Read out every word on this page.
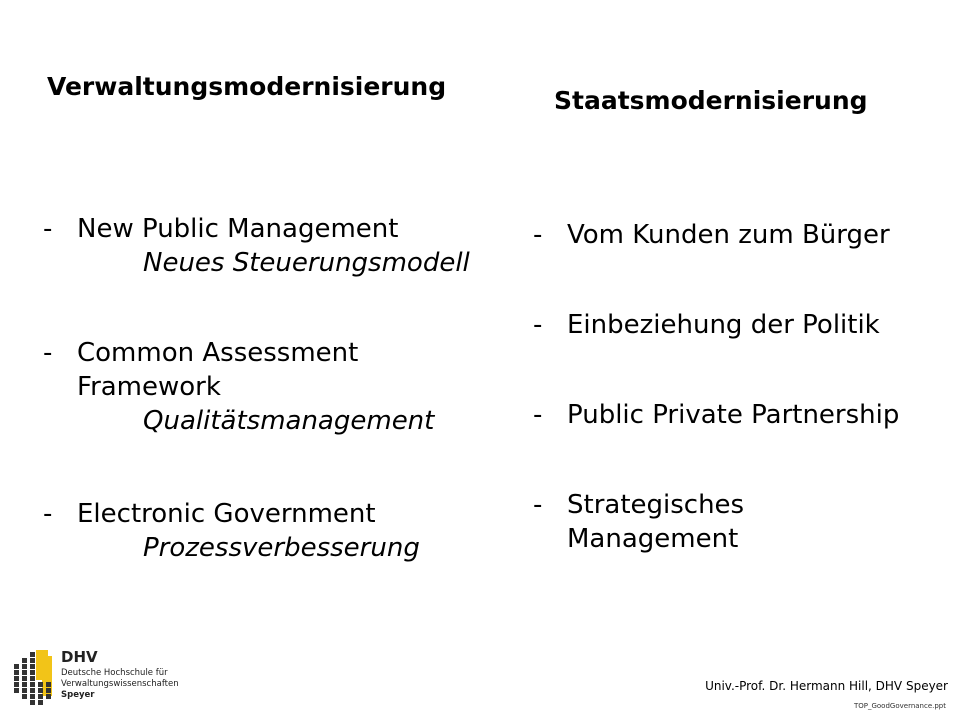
Verwaltungsmodernisierung	Staatsmodernisierung
- New Public Management
Neues Steuerungsmodell
- Common Assessment
Framework
Qualitätsmanagement
- Electronic Government
Prozessverbesserung
- Vom Kunden zum Bürger
- Einbeziehung der Politik
- Public Private Partnership
- Strategisches
Management
DHV
Deutsche Hochschule für
Verwaltungswissenschaften
Speyer
Univ.-Prof. Dr. Hermann Hill, DHV Speyer
TOP_GoodGovernance.ppt
